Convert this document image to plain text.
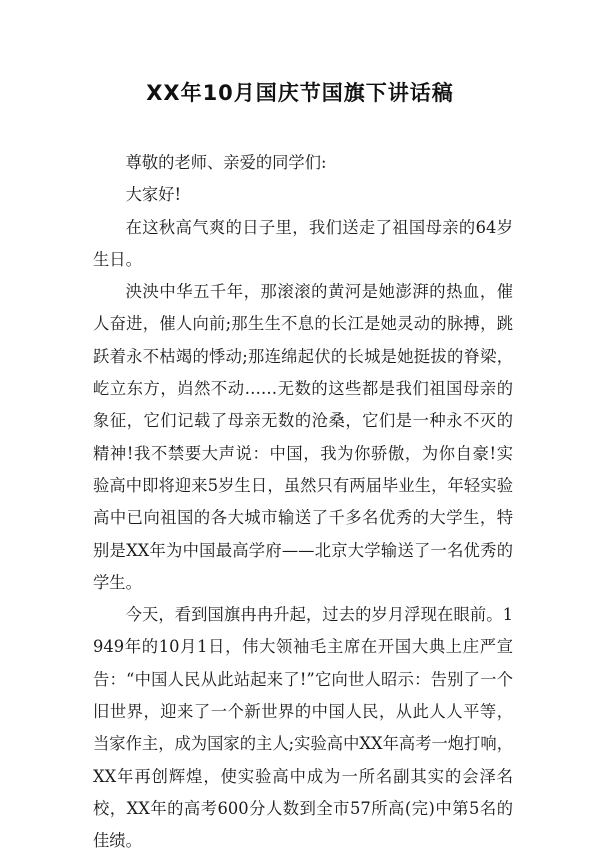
XX年10月国庆节国旗下讲话稿

尊敬的老师、亲爱的同学们:

大家好!

在这秋高气爽的日子里，我们送走了祖国母亲的64岁生日。

泱泱中华五千年，那滚滚的黄河是她澎湃的热血，催人奋进，催人向前;那生生不息的长江是她灵动的脉搏，跳跃着永不枯竭的悸动;那连绵起伏的长城是她挺拔的脊梁，屹立东方，岿然不动……无数的这些都是我们祖国母亲的象征，它们记载了母亲无数的沧桑，它们是一种永不灭的精神!我不禁要大声说：中国，我为你骄傲，为你自豪!实验高中即将迎来5岁生日，虽然只有两届毕业生，年轻实验高中已向祖国的各大城市输送了千多名优秀的大学生，特别是XX年为中国最高学府——北京大学输送了一名优秀的学生。

今天，看到国旗冉冉升起，过去的岁月浮现在眼前。1949年的10月1日，伟大领袖毛主席在开国大典上庄严宣告：“中国人民从此站起来了!”它向世人昭示：告别了一个旧世界，迎来了一个新世界的中国人民，从此人人平等，当家作主，成为国家的主人;实验高中XX年高考一炮打响，XX年再创辉煌，使实验高中成为一所名副其实的会泽名校，XX年的高考600分人数到全市57所高(完)中第5名的佳绩。
